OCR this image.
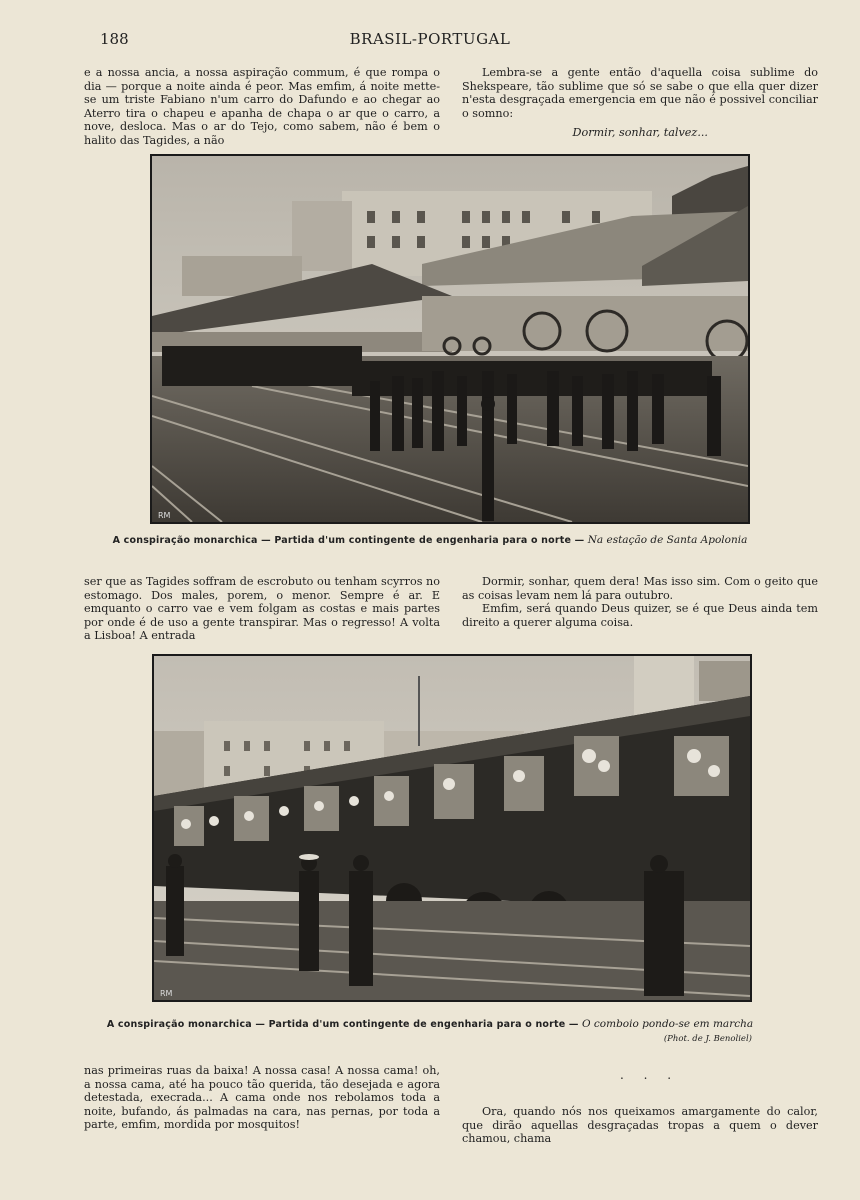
188	BRASIL-PORTUGAL

e a nossa ancia, a nossa aspiração commum, é que rompa o dia — porque a noite ainda é peor. Mas emfim, á noite mette-se um triste Fabiano n'um carro do Dafundo e ao chegar ao Aterro tira o chapeu e apanha de chapa o ar que o carro, a nove, desloca. Mas o ar do Tejo, como sabem, não é bem o halito das Tagides, a não

Lembra-se a gente então d'aquella coisa sublime do Shekspeare, tão sublime que só se sabe o que ella quer dizer n'esta desgraçada emergencia em que não é possivel conciliar o somno:

Dormir, sonhar, talvez...

RM
A conspiração monarchica — Partida d'um contingente de engenharia para o norte — Na estação de Santa Apolonia

ser que as Tagides soffram de escrobuto ou tenham scyrros no estomago. Dos males, porem, o menor. Sempre é ar. E emquanto o carro vae e vem folgam as costas e mais partes por onde é de uso a gente transpirar. Mas o regresso! A volta a Lisboa! A entrada

Dormir, sonhar, quem dera! Mas isso sim. Com o geito que as coisas levam nem lá para outubro.

Emfim, será quando Deus quizer, se é que Deus ainda tem direito a querer alguma coisa.

RM
A conspiração monarchica — Partida d'um contingente de engenharia para o norte — O comboio pondo-se em marcha
(Phot. de J. Benoliel)

nas primeiras ruas da baixa! A nossa casa! A nossa cama! oh, a nossa cama, até ha pouco tão querida, tão desejada e agora detestada, execrada... A cama onde nos rebolamos toda a noite, bufando, ás palmadas na cara, nas pernas, por toda a parte, emfim, mordida por mosquitos!

. . .

Ora, quando nós nos queixamos amargamente do calor, que dirão aquellas desgraçadas tropas a quem o dever chamou, chama
